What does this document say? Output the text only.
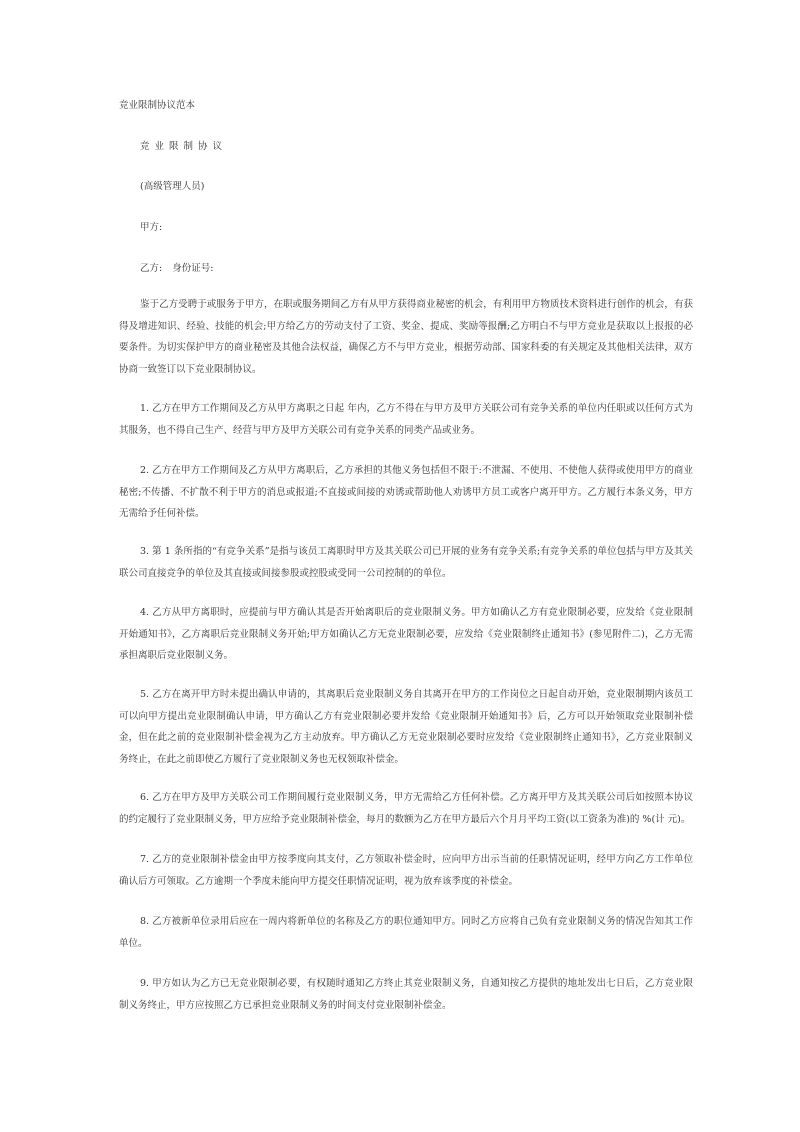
竞业限制协议范本
竞业限制协议
(高级管理人员)
甲方:
乙方: 身份证号:
鉴于乙方受聘于或服务于甲方，在职或服务期间乙方有从甲方获得商业秘密的机会，有利用甲方物质技术资料进行创作的机会，有获得及增进知识、经验、技能的机会;甲方给乙方的劳动支付了工资、奖金、提成、奖励等报酬;乙方明白不与甲方竞业是获取以上报报的必要条件。为切实保护甲方的商业秘密及其他合法权益，确保乙方不与甲方竞业，根据劳动部、国家科委的有关规定及其他相关法律，双方协商一致签订以下竞业限制协议。
1. 乙方在甲方工作期间及乙方从甲方离职之日起 年内，乙方不得在与甲方及甲方关联公司有竞争关系的单位内任职或以任何方式为其服务，也不得自己生产、经营与甲方及甲方关联公司有竞争关系的同类产品或业务。
2. 乙方在甲方工作期间及乙方从甲方离职后，乙方承担的其他义务包括但不限于:不泄漏、不使用、不使他人获得或使用甲方的商业秘密;不传播、不扩散不利于甲方的消息或报道;不直接或间接的劝诱或帮助他人劝诱甲方员工或客户离开甲方。乙方履行本条义务，甲方无需给予任何补偿。
3. 第 1 条所指的“有竞争关系”是指与该员工离职时甲方及其关联公司已开展的业务有竞争关系;有竞争关系的单位包括与甲方及其关联公司直接竞争的单位及其直接或间接参股或控股或受同一公司控制的的单位。
4. 乙方从甲方离职时，应提前与甲方确认其是否开始离职后的竞业限制义务。甲方如确认乙方有竞业限制必要，应发给《竞业限制开始通知书》，乙方离职后竞业限制义务开始;甲方如确认乙方无竞业限制必要，应发给《竞业限制终止通知书》(参见附件二)，乙方无需承担离职后竞业限制义务。
5. 乙方在离开甲方时未提出确认申请的，其离职后竞业限制义务自其离开在甲方的工作岗位之日起自动开始，竞业限制期内该员工可以向甲方提出竞业限制确认申请，甲方确认乙方有竞业限制必要并发给《竞业限制开始通知书》后，乙方可以开始领取竞业限制补偿金，但在此之前的竞业限制补偿金视为乙方主动放弃。甲方确认乙方无竞业限制必要时应发给《竞业限制终止通知书》，乙方竞业限制义务终止，在此之前即使乙方履行了竞业限制义务也无权领取补偿金。
6. 乙方在甲方及甲方关联公司工作期间履行竞业限制义务，甲方无需给乙方任何补偿。乙方离开甲方及其关联公司后如按照本协议的约定履行了竞业限制义务，甲方应给予竞业限制补偿金，每月的数额为乙方在甲方最后六个月月平均工资(以工资条为准)的 %(计 元)。
7. 乙方的竞业限制补偿金由甲方按季度向其支付，乙方领取补偿金时，应向甲方出示当前的任职情况证明，经甲方向乙方工作单位确认后方可领取。乙方逾期一个季度未能向甲方提交任职情况证明，视为放弃该季度的补偿金。
8. 乙方被新单位录用后应在一周内将新单位的名称及乙方的职位通知甲方。同时乙方应将自己负有竞业限制义务的情况告知其工作单位。
9. 甲方如认为乙方已无竞业限制必要，有权随时通知乙方终止其竞业限制义务，自通知按乙方提供的地址发出七日后，乙方竞业限制义务终止，甲方应按照乙方已承担竞业限制义务的时间支付竞业限制补偿金。
